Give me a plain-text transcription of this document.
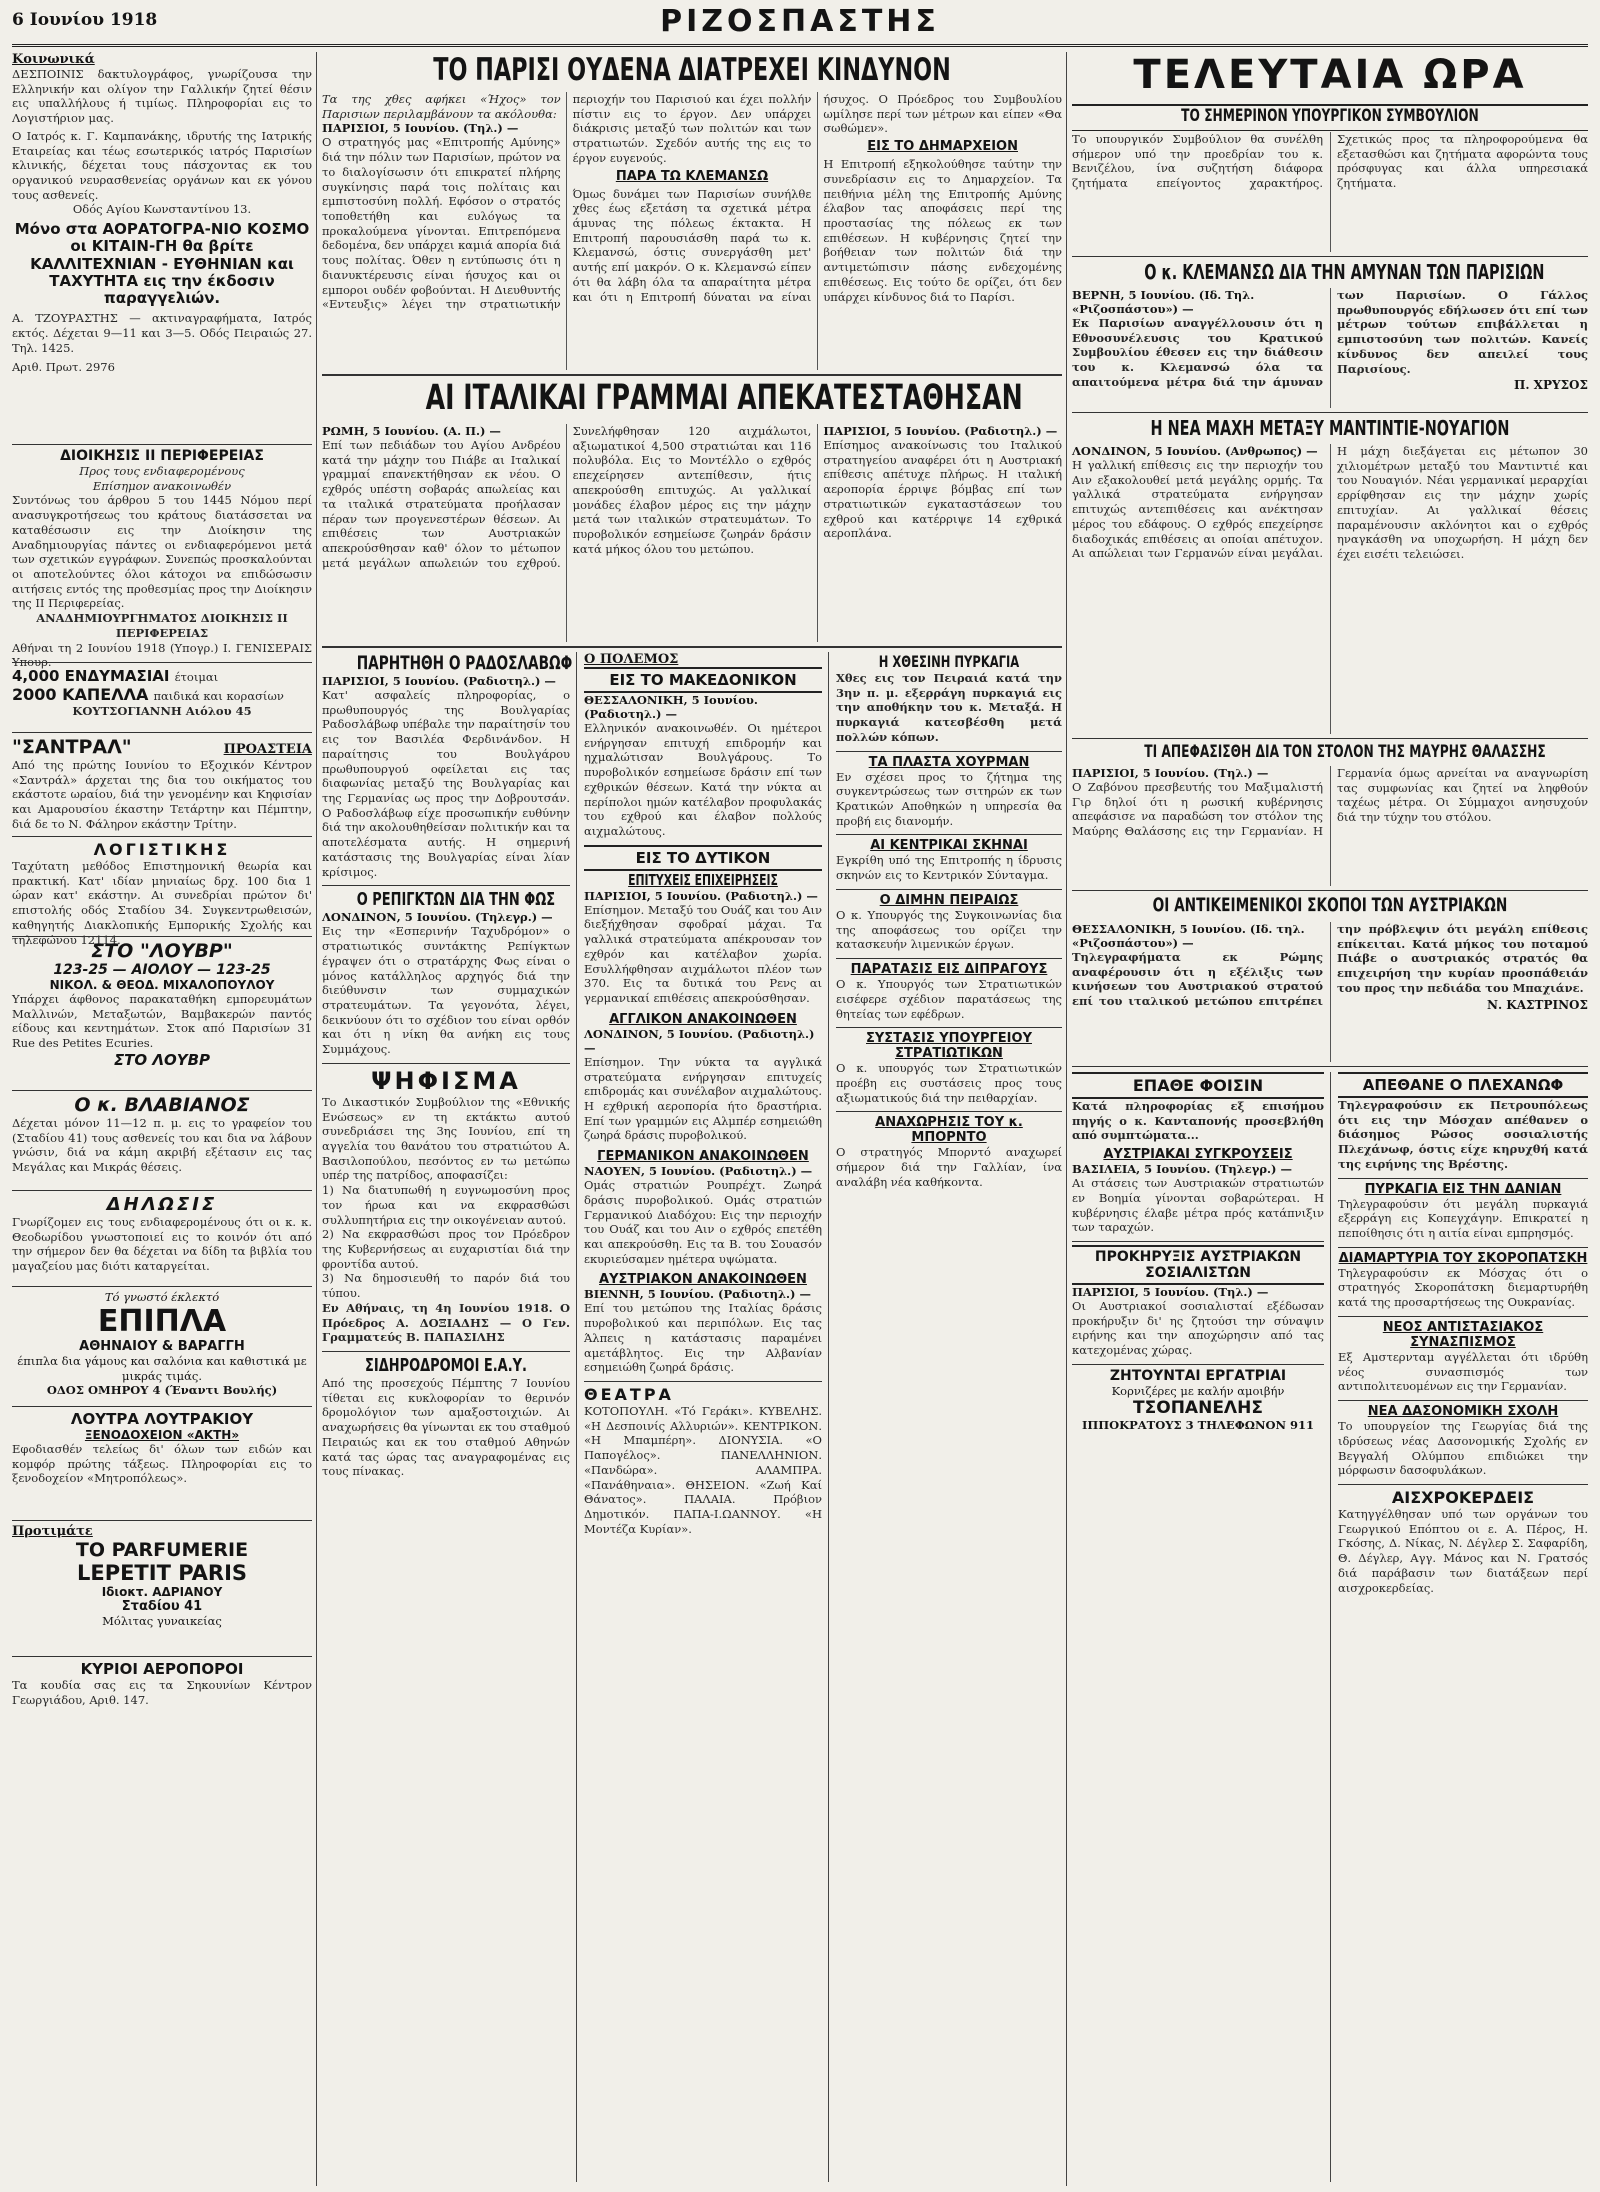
6 Ιουνίου 1918	ΡΙΖΟΣΠΑΣΤΗΣ
Κοινωνικά
ΔΕΣΠΟΙΝΙΣ δακτυλογράφος, γνωρίζουσα την Ελληνικήν και ολίγον την Γαλλικήν ζητεί θέσιν εις υπαλλήλους ή τιμίως. Πληροφορίαι εις το Λογιστήριον μας.
Ο Ιατρός κ. Γ. Καμπανάκης, ιδρυτής της Ιατρικής Εταιρείας και τέως εσωτερικός ιατρός Παρισίων κλινικής, δέχεται τους πάσχοντας εκ του οργανικού νευρασθενείας οργάνων και εκ γόνου τους ασθενείς.
Οδός Αγίου Κωνσταντίνου 13.
Μόνο στα ΑΟΡΑΤΟΓΡΑ-ΝΙΟ ΚΟΣΜΟ οι ΚΙΤΑΙΝ-ΓΗ θα βρίτε ΚΑΛΛΙΤΕΧΝΙΑΝ - ΕΥΘΗΝΙΑΝ και ΤΑΧΥΤΗΤΑ εις την έκδοσιν παραγγελιών.
Α. ΤΖΟΥΡΑΣΤΗΣ — ακτιναγραφήματα, Ιατρός εκτός. Δέχεται 9—11 και 3—5. Οδός Πειραιώς 27. Τηλ. 1425.
Αριθ. Πρωτ. 2976
ΔΙΟΙΚΗΣΙΣ ΙΙ ΠΕΡΙΦΕΡΕΙΑΣ
Προς τους ενδιαφερομένους
Επίσημον ανακοινωθέν
Συντόνως του άρθρου 5 του 1445 Νόμου περί ανασυγκροτήσεως του κράτους διατάσσεται να καταθέσωσιν εις την Διοίκησιν της Αναδημιουργίας πάντες οι ενδιαφερόμενοι μετά των σχετικών εγγράφων. Συνεπώς προσκαλούνται οι αποτελούντες όλοι κάτοχοι να επιδώσωσιν αιτήσεις εντός της προθεσμίας προς την Διοίκησιν της ΙΙ Περιφερείας.
ΑΝΑΔΗΜΙΟΥΡΓΗΜΑΤΟΣ ΔΙΟΙΚΗΣΙΣ ΙΙ ΠΕΡΙΦΕΡΕΙΑΣ
Αθήναι τη 2 Ιουνίου 1918 (Υπογρ.) Ι. ΓΕΝΙΣΕΡΑΙΣ Υπουρ.
4,000 ΕΝΔΥΜΑΣΙΑΙ έτοιμαι
2000 ΚΑΠΕΛΛΑ παιδικά και κορασίων
ΚΟΥΤΣΟΓΙΑΝΝΗ Αιόλου 45
"ΣΑΝΤΡΑΛ"	ΠΡΟΑΣΤΕΙΑ
Από της πρώτης Ιουνίου το Εξοχικόν Κέντρον «Σαντράλ» άρχεται της δια του οικήματος του εκάστοτε ωραίου, διά την γενομένην και Κηφισίαν και Αμαρουσίου έκαστην Τετάρτην και Πέμπτην, διά δε το Ν. Φάληρον εκάστην Τρίτην.
ΛΟΓΙΣΤΙΚΗΣ
Ταχύτατη μεθόδος Επιστημονική θεωρία και πρακτική. Κατ' ιδίαν μηνιαίως δρχ. 100 δια 1 ώραν κατ' εκάστην. Αι συνεδρίαι πρώτον δι' επιστολής οδός Σταδίου 34. Συγκεντρωθεισών, καθηγητής Διακλοπικής Εμπορικής Σχολής και τηλεφώνου 12114.
ΣΤΟ "ΛΟΥΒΡ"
123-25 — ΑΙΟΛΟΥ — 123-25
ΝΙΚΟΛ. & ΘΕΟΔ. ΜΙΧΑΛΟΠΟΥΛΟΥ
Υπάρχει άφθονος παρακαταθήκη εμπορευμάτων Μαλλινών, Μεταξωτών, Βαμβακερών παντός είδους και κεντημάτων. Στοκ από Παρισίων 31 Rue des Petites Ecuries.
ΣΤΟ ΛΟΥΒΡ
Ο κ. ΒΛΑΒΙΑΝΟΣ
Δέχεται μόνον 11—12 π. μ. εις το γραφείον του (Σταδίου 41) τους ασθενείς του και δια να λάβουν γνώσιν, διά να κάμη ακριβή εξέτασιν εις τας Μεγάλας και Μικράς θέσεις.
ΔΗΛΩΣΙΣ
Γνωρίζομεν εις τους ενδιαφερομένους ότι οι κ. κ. Θεοδωρίδου γνωστοποιεί εις το κοινόν ότι από την σήμερον δεν θα δέχεται να δίδη τα βιβλία του μαγαζείου μας διότι καταργείται.
Τό γνωστό έκλεκτό
ΕΠΙΠΛΑ
ΑΘΗΝΑΙΟΥ & ΒΑΡΑΓΓΗ
έπιπλα δια γάμους και σαλόνια και καθιστικά με μικράς τιμάς.
ΟΔΟΣ ΟΜΗΡΟΥ 4 (Έναντι Βουλής)
ΛΟΥΤΡΑ ΛΟΥΤΡΑΚΙΟΥ
ΞΕΝΟΔΟΧΕΙΟΝ «ΑΚΤΗ»
Εφοδιασθέν τελείως δι' όλων των ειδών και κομφόρ πρώτης τάξεως. Πληροφορίαι εις το ξενοδοχείον «Μητροπόλεως».
Προτιμάτε
ΤΟ PARFUMERIE
LEPETIT PARIS
Ιδιοκτ. ΑΔΡΙΑΝΟΥ
Σταδίου 41
Μόλιτας γυναικείας
ΚΥΡΙΟΙ ΑΕΡΟΠΟΡΟΙ
Τα κουδία σας εις τα Σηκουνίων Κέντρον Γεωργιάδου, Αριθ. 147.
ΤΟ ΠΑΡΙΣΙ ΟΥΔΕΝΑ ΔΙΑΤΡΕΧΕΙ ΚΙΝΔΥΝΟΝ
Τα της χθες αφήκει «Ήχος» τον Παρισιων περιλαμβάνουν τα ακόλουθα:
ΠΑΡΙΣΙΟΙ, 5 Ιουνίου. (Τηλ.) —
Ο στρατηγός μας «Επιτροπής Αμύνης» διά την πόλιν των Παρισίων, πρώτον να το διαλογίσωσιν ότι επικρατεί πλήρης συγκίνησις παρά τοις πολίταις και εμπιστοσύνη πολλή. Εφόσον ο στρατός τοποθετήθη και ευλόγως τα προκαλούμενα γίνονται. Επιτρεπόμενα δεδομένα, δεν υπάρχει καμιά απορία διά τους πολίτας. Όθεν η εντύπωσις ότι η διανυκτέρευσις είναι ήσυχος και οι εμποροι ουδέν φοβούνται. Η Διευθυντής «Εντευξις» λέγει την στρατιωτικήν περιοχήν του Παρισιού και έχει πολλήν πίστιν εις το έργον. Δεν υπάρχει διάκρισις μεταξύ των πολιτών και των στρατιωτών. Σχεδόν αυτής της εις το έργον ευγενούς.
ΠΑΡΑ ΤΩ ΚΛΕΜΑΝΣΩ
Όμως δυνάμει των Παρισίων συνήλθε χθες έως εξετάση τα σχετικά μέτρα άμυνας της πόλεως έκτακτα. Η Επιτροπή παρουσιάσθη παρά τω κ. Κλεμανσώ, όστις συνεργάσθη μετ' αυτής επί μακρόν. Ο κ. Κλεμανσώ είπεν ότι θα λάβη όλα τα απαραίτητα μέτρα και ότι η Επιτροπή δύναται να είναι ήσυχος. Ο Πρόεδρος του Συμβουλίου ωμίλησε περί των μέτρων και είπεν «Θα σωθώμεν».
ΕΙΣ ΤΟ ΔΗΜΑΡΧΕΙΟΝ
Η Επιτροπή εξηκολούθησε ταύτην την συνεδρίασιν εις το Δημαρχείον. Τα πειθήνια μέλη της Επιτροπής Αμύνης έλαβον τας αποφάσεις περί της προστασίας της πόλεως εκ των επιθέσεων. Η κυβέρνησις ζητεί την βοήθειαν των πολιτών διά την αντιμετώπισιν πάσης ενδεχομένης επιθέσεως. Εις τούτο δε ορίζει, ότι δεν υπάρχει κίνδυνος διά το Παρίσι.
ΑΙ ΙΤΑΛΙΚΑΙ ΓΡΑΜΜΑΙ ΑΠΕΚΑΤΕΣΤΑΘΗΣΑΝ
ΡΩΜΗ, 5 Ιουνίου. (Α. Π.) —
Επί των πεδιάδων του Αγίου Ανδρέου κατά την μάχην του Πιάβε αι Ιταλικαί γραμμαί επανεκτήθησαν εκ νέου. Ο εχθρός υπέστη σοβαράς απωλείας και τα ιταλικά στρατεύματα προήλασαν πέραν των προγενεστέρων θέσεων. Αι επιθέσεις των Αυστριακών απεκρούσθησαν καθ' όλον το μέτωπον μετά μεγάλων απωλειών του εχθρού. Συνελήφθησαν 120 αιχμάλωτοι, αξιωματικοί 4,500 στρατιώται και 116 πολυβόλα. Εις το Μοντέλλο ο εχθρός επεχείρησεν αντεπίθεσιν, ήτις απεκρούσθη επιτυχώς. Αι γαλλικαί μονάδες έλαβον μέρος εις την μάχην μετά των ιταλικών στρατευμάτων. Το πυροβολικόν εσημείωσε ζωηράν δράσιν κατά μήκος όλου του μετώπου.
ΠΑΡΙΣΙΟΙ, 5 Ιουνίου. (Ραδιοτηλ.) —
Επίσημος ανακοίνωσις του Ιταλικού στρατηγείου αναφέρει ότι η Αυστριακή επίθεσις απέτυχε πλήρως. Η ιταλική αεροπορία έρριψε βόμβας επί των στρατιωτικών εγκαταστάσεων του εχθρού και κατέρριψε 14 εχθρικά αεροπλάνα.
ΠΑΡΗΤΗΘΗ Ο ΡΑΔΟΣΛΑΒΩΦ
ΠΑΡΙΣΙΟΙ, 5 Ιουνίου. (Ραδιοτηλ.) —
Κατ' ασφαλείς πληροφορίας, ο πρωθυπουργός της Βουλγαρίας Ραδοσλάβωφ υπέβαλε την παραίτησίν του εις τον Βασιλέα Φερδινάνδον. Η παραίτησις του Βουλγάρου πρωθυπουργού οφείλεται εις τας διαφωνίας μεταξύ της Βουλγαρίας και της Γερμανίας ως προς την Δοβρουτσάν. Ο Ραδοσλάβωφ είχε προσωπικήν ευθύνην διά την ακολουθηθείσαν πολιτικήν και τα αποτελέσματα αυτής. Η σημερινή κατάστασις της Βουλγαρίας είναι λίαν κρίσιμος.
Ο ΡΕΠΙΓΚΤΩΝ ΔΙΑ ΤΗΝ ΦΩΣ
ΛΟΝΔΙΝΟΝ, 5 Ιουνίου. (Τηλεγρ.) —
Εις την «Εσπερινήν Ταχυδρόμον» ο στρατιωτικός συντάκτης Ρεπίγκτων έγραψεν ότι ο στρατάρχης Φως είναι ο μόνος κατάλληλος αρχηγός διά την διεύθυνσιν των συμμαχικών στρατευμάτων. Τα γεγονότα, λέγει, δεικνύουν ότι το σχέδιον του είναι ορθόν και ότι η νίκη θα ανήκη εις τους Συμμάχους.
ΨΗΦΙΣΜΑ
Το Δικαστικόν Συμβούλιον της «Εθνικής Ενώσεως» εν τη εκτάκτω αυτού συνεδριάσει της 3ης Ιουνίου, επί τη αγγελία του θανάτου του στρατιώτου Α. Βασιλοπούλου, πεσόντος εν τω μετώπω υπέρ της πατρίδος, αποφασίζει:
1) Να διατυπωθή η ευγνωμοσύνη προς τον ήρωα και να εκφρασθώσι συλλυπητήρια εις την οικογένειαν αυτού.
2) Να εκφρασθώσι προς τον Πρόεδρον της Κυβερνήσεως αι ευχαριστίαι διά την φροντίδα αυτού.
3) Να δημοσιευθή το παρόν διά του τύπου.
Εν Αθήναις, τη 4η Ιουνίου 1918. Ο Πρόεδρος Α. ΔΟΞΙΑΔΗΣ — Ο Γεν. Γραμματεύς Β. ΠΑΠΑΣΙΛΗΣ
ΣΙΔΗΡΟΔΡΟΜΟΙ Ε.Α.Υ.
Από της προσεχούς Πέμπτης 7 Ιουνίου τίθεται εις κυκλοφορίαν το θερινόν δρομολόγιον των αμαξοστοιχιών. Αι αναχωρήσεις θα γίνωνται εκ του σταθμού Πειραιώς και εκ του σταθμού Αθηνών κατά τας ώρας τας αναγραφομένας εις τους πίνακας.
Ο ΠΟΛΕΜΟΣ
ΕΙΣ ΤΟ ΜΑΚΕΔΟΝΙΚΟΝ
ΘΕΣΣΑΛΟΝΙΚΗ, 5 Ιουνίου. (Ραδιοτηλ.) —
Ελληνικόν ανακοινωθέν. Οι ημέτεροι ενήργησαν επιτυχή επιδρομήν και ηχμαλώτισαν Βουλγάρους. Το πυροβολικόν εσημείωσε δράσιν επί των εχθρικών θέσεων. Κατά την νύκτα αι περίπολοι ημών κατέλαβον προφυλακάς του εχθρού και έλαβον πολλούς αιχμαλώτους.
ΕΙΣ ΤΟ ΔΥΤΙΚΟΝ
ΕΠΙΤΥΧΕΙΣ ΕΠΙΧΕΙΡΗΣΕΙΣ
ΠΑΡΙΣΙΟΙ, 5 Ιουνίου. (Ραδιοτηλ.) —
Επίσημον. Μεταξύ του Ουάζ και του Αιν διεξήχθησαν σφοδραί μάχαι. Τα γαλλικά στρατεύματα απέκρουσαν τον εχθρόν και κατέλαβον χωρία. Εσυλλήφθησαν αιχμάλωτοι πλέον των 370. Εις τα δυτικά του Ρενς αι γερμανικαί επιθέσεις απεκρούσθησαν.
ΑΓΓΛΙΚΟΝ ΑΝΑΚΟΙΝΩΘΕΝ
ΛΟΝΔΙΝΟΝ, 5 Ιουνίου. (Ραδιοτηλ.) —
Επίσημον. Την νύκτα τα αγγλικά στρατεύματα ενήργησαν επιτυχείς επιδρομάς και συνέλαβον αιχμαλώτους. Η εχθρική αεροπορία ήτο δραστήρια. Επί των γραμμών εις Αλμπέρ εσημειώθη ζωηρά δράσις πυροβολικού.
ΓΕΡΜΑΝΙΚΟΝ ΑΝΑΚΟΙΝΩΘΕΝ
ΝΑΟΥΕΝ, 5 Ιουνίου. (Ραδιοτηλ.) —
Ομάς στρατιών Ρουπρέχτ. Ζωηρά δράσις πυροβολικού. Ομάς στρατιών Γερμανικού Διαδόχου: Εις την περιοχήν του Ουάζ και του Αιν ο εχθρός επετέθη και απεκρούσθη. Εις τα Β. του Σουασόν εκυριεύσαμεν ημέτερα υψώματα.
ΑΥΣΤΡΙΑΚΟΝ ΑΝΑΚΟΙΝΩΘΕΝ
ΒΙΕΝΝΗ, 5 Ιουνίου. (Ραδιοτηλ.) —
Επί του μετώπου της Ιταλίας δράσις πυροβολικού και περιπόλων. Εις τας Άλπεις η κατάστασις παραμένει αμετάβλητος. Εις την Αλβανίαν εσημειώθη ζωηρά δράσις.
ΘΕΑΤΡΑ
ΚΟΤΟΠΟΥΛΗ. «Τό Γεράκι». ΚΥΒΕΛΗΣ. «Η Δεσποινίς Αλλυριών». ΚΕΝΤΡΙΚΟΝ. «Η Μπαμπέρη». ΔΙΟΝΥΣΙΑ. «Ο Παπογέλος». ΠΑΝΕΛΛΗΝΙΟΝ. «Πανδώρα». ΑΛΑΜΠΡΑ. «Πανάθηναια». ΘΗΣΕΙΟΝ. «Ζωή Καί Θάνατος». ΠΑΛΑΙΑ. Πρόβιον Δημοτικόν. ΠΑΠΑ-Ι.ΩΑΝΝΟΥ. «Η Μοντέζα Κυρίαν».
Η ΧΘΕΣΙΝΗ ΠΥΡΚΑΓΙΑ
Χθες εις τον Πειραιά κατά την 3ην π. μ. εξερράγη πυρκαγιά εις την αποθήκην του κ. Μεταξά. Η πυρκαγιά κατεσβέσθη μετά πολλών κόπων.
ΤΑ ΠΛΑΣΤΑ ΧΟΥΡΜΑΝ
Εν σχέσει προς το ζήτημα της συγκεντρώσεως των σιτηρών εκ των Κρατικών Αποθηκών η υπηρεσία θα προβή εις διανομήν.
ΑΙ ΚΕΝΤΡΙΚΑΙ ΣΚΗΝΑΙ
Εγκρίθη υπό της Επιτροπής η ίδρυσις σκηνών εις το Κεντρικόν Σύνταγμα.
Ο ΔΙΜΗΝ ΠΕΙΡΑΙΩΣ
Ο κ. Υπουργός της Συγκοινωνίας δια της αποφάσεως του ορίζει την κατασκευήν λιμενικών έργων.
ΠΑΡΑΤΑΣΙΣ ΕΙΣ ΔΙΠΡΑΓΟΥΣ
Ο κ. Υπουργός των Στρατιωτικών εισέφερε σχέδιον παρατάσεως της θητείας των εφέδρων.
ΣΥΣΤΑΣΙΣ ΥΠΟΥΡΓΕΙΟΥ ΣΤΡΑΤΙΩΤΙΚΩΝ
Ο κ. υπουργός των Στρατιωτικών προέβη εις συστάσεις προς τους αξιωματικούς διά την πειθαρχίαν.
ΑΝΑΧΩΡΗΣΙΣ ΤΟΥ κ. ΜΠΟΡΝΤΟ
Ο στρατηγός Μπορντό αναχωρεί σήμερον διά την Γαλλίαν, ίνα αναλάβη νέα καθήκοντα.
ΤΕΛΕΥΤΑΙΑ ΩΡΑ
ΤΟ ΣΗΜΕΡΙΝΟΝ ΥΠΟΥΡΓΙΚΟΝ ΣΥΜΒΟΥΛΙΟΝ
Το υπουργικόν Συμβούλιον θα συνέλθη σήμερον υπό την προεδρίαν του κ. Βενιζέλου, ίνα συζητήση διάφορα ζητήματα επείγοντος χαρακτήρος. Σχετικώς προς τα πληροφορούμενα θα εξετασθώσι και ζητήματα αφορώντα τους πρόσφυγας και άλλα υπηρεσιακά ζητήματα.
Ο κ. ΚΛΕΜΑΝΣΩ ΔΙΑ ΤΗΝ ΑΜΥΝΑΝ ΤΩΝ ΠΑΡΙΣΙΩΝ
ΒΕΡΝΗ, 5 Ιουνίου. (Ιδ. Τηλ. «Ριζοσπάστου») —
Εκ Παρισίων αναγγέλλουσιν ότι η Εθνοσυνέλευσις του Κρατικού Συμβουλίου έθεσεν εις την διάθεσιν του κ. Κλεμανσώ όλα τα απαιτούμενα μέτρα διά την άμυναν των Παρισίων. Ο Γάλλος πρωθυπουργός εδήλωσεν ότι επί των μέτρων τούτων επιβάλλεται η εμπιστοσύνη των πολιτών. Κανείς κίνδυνος δεν απειλεί τους Παρισίους.
Π. ΧΡΥΣΟΣ
Η ΝΕΑ ΜΑΧΗ ΜΕΤΑΞΥ ΜΑΝΤΙΝΤΙΕ-ΝΟΥΑΓΙΟΝ
ΛΟΝΔΙΝΟΝ, 5 Ιουνίου. (Ανθρωπος) —
Η γαλλική επίθεσις εις την περιοχήν του Αιν εξακολουθεί μετά μεγάλης ορμής. Τα γαλλικά στρατεύματα ενήργησαν επιτυχώς αντεπιθέσεις και ανέκτησαν μέρος του εδάφους. Ο εχθρός επεχείρησε διαδοχικάς επιθέσεις αι οποίαι απέτυχον. Αι απώλειαι των Γερμανών είναι μεγάλαι. Η μάχη διεξάγεται εις μέτωπον 30 χιλιομέτρων μεταξύ του Μαντιντιέ και του Νουαγιόν. Νέαι γερμανικαί μεραρχίαι ερρίφθησαν εις την μάχην χωρίς επιτυχίαν. Αι γαλλικαί θέσεις παραμένουσιν ακλόνητοι και ο εχθρός ηναγκάσθη να υποχωρήση. Η μάχη δεν έχει εισέτι τελειώσει.
ΤΙ ΑΠΕΦΑΣΙΣΘΗ ΔΙΑ ΤΟΝ ΣΤΟΛΟΝ ΤΗΣ ΜΑΥΡΗΣ ΘΑΛΑΣΣΗΣ
ΠΑΡΙΣΙΟΙ, 5 Ιουνίου. (Τηλ.) —
Ο Ζαβόνου πρεσβευτής του Μαξιμαλιστή Γιρ δηλοί ότι η ρωσική κυβέρνησις απεφάσισε να παραδώση τον στόλον της Μαύρης Θαλάσσης εις την Γερμανίαν. Η Γερμανία όμως αρνείται να αναγνωρίση τας συμφωνίας και ζητεί να ληφθούν ταχέως μέτρα. Οι Σύμμαχοι ανησυχούν διά την τύχην του στόλου.
ΟΙ ΑΝΤΙΚΕΙΜΕΝΙΚΟΙ ΣΚΟΠΟΙ ΤΩΝ ΑΥΣΤΡΙΑΚΩΝ
ΘΕΣΣΑΛΟΝΙΚΗ, 5 Ιουνίου. (Ιδ. τηλ. «Ριζοσπάστου») —
Τηλεγραφήματα εκ Ρώμης αναφέρουσιν ότι η εξέλιξις των κινήσεων του Αυστριακού στρατού επί του ιταλικού μετώπου επιτρέπει την πρόβλεψιν ότι μεγάλη επίθεσις επίκειται. Κατά μήκος του ποταμού Πιάβε ο αυστριακός στρατός θα επιχειρήση την κυρίαν προσπάθειάν του προς την πεδιάδα του Μπαχιάνε.
Ν. ΚΑΣΤΡΙΝΟΣ
ΕΠΑΘΕ ΦΟΙΣΙΝ
Κατά πληροφορίας εξ επισήμου πηγής ο κ. Κανταπονής προσεβλήθη από συμπτώματα...
ΑΥΣΤΡΙΑΚΑΙ ΣΥΓΚΡΟΥΣΕΙΣ
ΒΑΣΙΛΕΙΑ, 5 Ιουνίου. (Τηλεγρ.) —
Αι στάσεις των Αυστριακών στρατιωτών εν Βοημία γίνονται σοβαρώτεραι. Η κυβέρνησις έλαβε μέτρα πρός κατάπνιξιν των ταραχών.
ΠΡΟΚΗΡΥΞΙΣ ΑΥΣΤΡΙΑΚΩΝ ΣΟΣΙΑΛΙΣΤΩΝ
ΠΑΡΙΣΙΟΙ, 5 Ιουνίου. (Τηλ.) —
Οι Αυστριακοί σοσιαλισταί εξέδωσαν προκήρυξιν δι' ης ζητούσι την σύναψιν ειρήνης και την αποχώρησιν από τας κατεχομένας χώρας.
ΖΗΤΟΥΝΤΑΙ ΕΡΓΑΤΡΙΑΙ
Κορνιζέρες με καλήν αμοιβήν
ΤΣΟΠΑΝΕΛΗΣ
ΙΠΠΟΚΡΑΤΟΥΣ 3 ΤΗΛΕΦΩΝΟΝ 911
ΑΠΕΘΑΝΕ Ο ΠΛΕΧΑΝΩΦ
Τηλεγραφούσιν εκ Πετρουπόλεως ότι εις την Μόσχαν απέθανεν ο διάσημος Ρώσος σοσιαλιστής Πλεχάνωφ, όστις είχε κηρυχθή κατά της ειρήνης της Βρέστης.
ΠΥΡΚΑΓΙΑ ΕΙΣ ΤΗΝ ΔΑΝΙΑΝ
Τηλεγραφούσιν ότι μεγάλη πυρκαγιά εξερράγη εις Κοπεγχάγην. Επικρατεί η πεποίθησις ότι η αιτία είναι εμπρησμός.
ΔΙΑΜΑΡΤΥΡΙΑ ΤΟΥ ΣΚΟΡΟΠΑΤΣΚΗ
Τηλεγραφούσιν εκ Μόσχας ότι ο στρατηγός Σκοροπάτσκη διεμαρτυρήθη κατά της προσαρτήσεως της Ουκρανίας.
ΝΕΟΣ ΑΝΤΙΣΤΑΣΙΑΚΟΣ ΣΥΝΑΣΠΙΣΜΟΣ
Εξ Αμστερνταμ αγγέλλεται ότι ιδρύθη νέος συνασπισμός των αντιπολιτευομένων εις την Γερμανίαν.
ΝΕΑ ΔΑΣΟΝΟΜΙΚΗ ΣΧΟΛΗ
Το υπουργείον της Γεωργίας διά της ιδρύσεως νέας Δασονομικής Σχολής εν Βεγγαλή Ολύμπου επιδιώκει την μόρφωσιν δασοφυλάκων.
ΑΙΣΧΡΟΚΕΡΔΕΙΣ
Κατηγγέλθησαν υπό των οργάνων του Γεωργικού Επόπτου οι ε. Α. Πέρος, Η. Γκόσης, Δ. Νίκας, Ν. Δέγλερ Σ. Σαφαρίδη, Θ. Δέγλερ, Αγγ. Μάνος και Ν. Γρατσός διά παράβασιν των διατάξεων περί αισχροκερδείας.
